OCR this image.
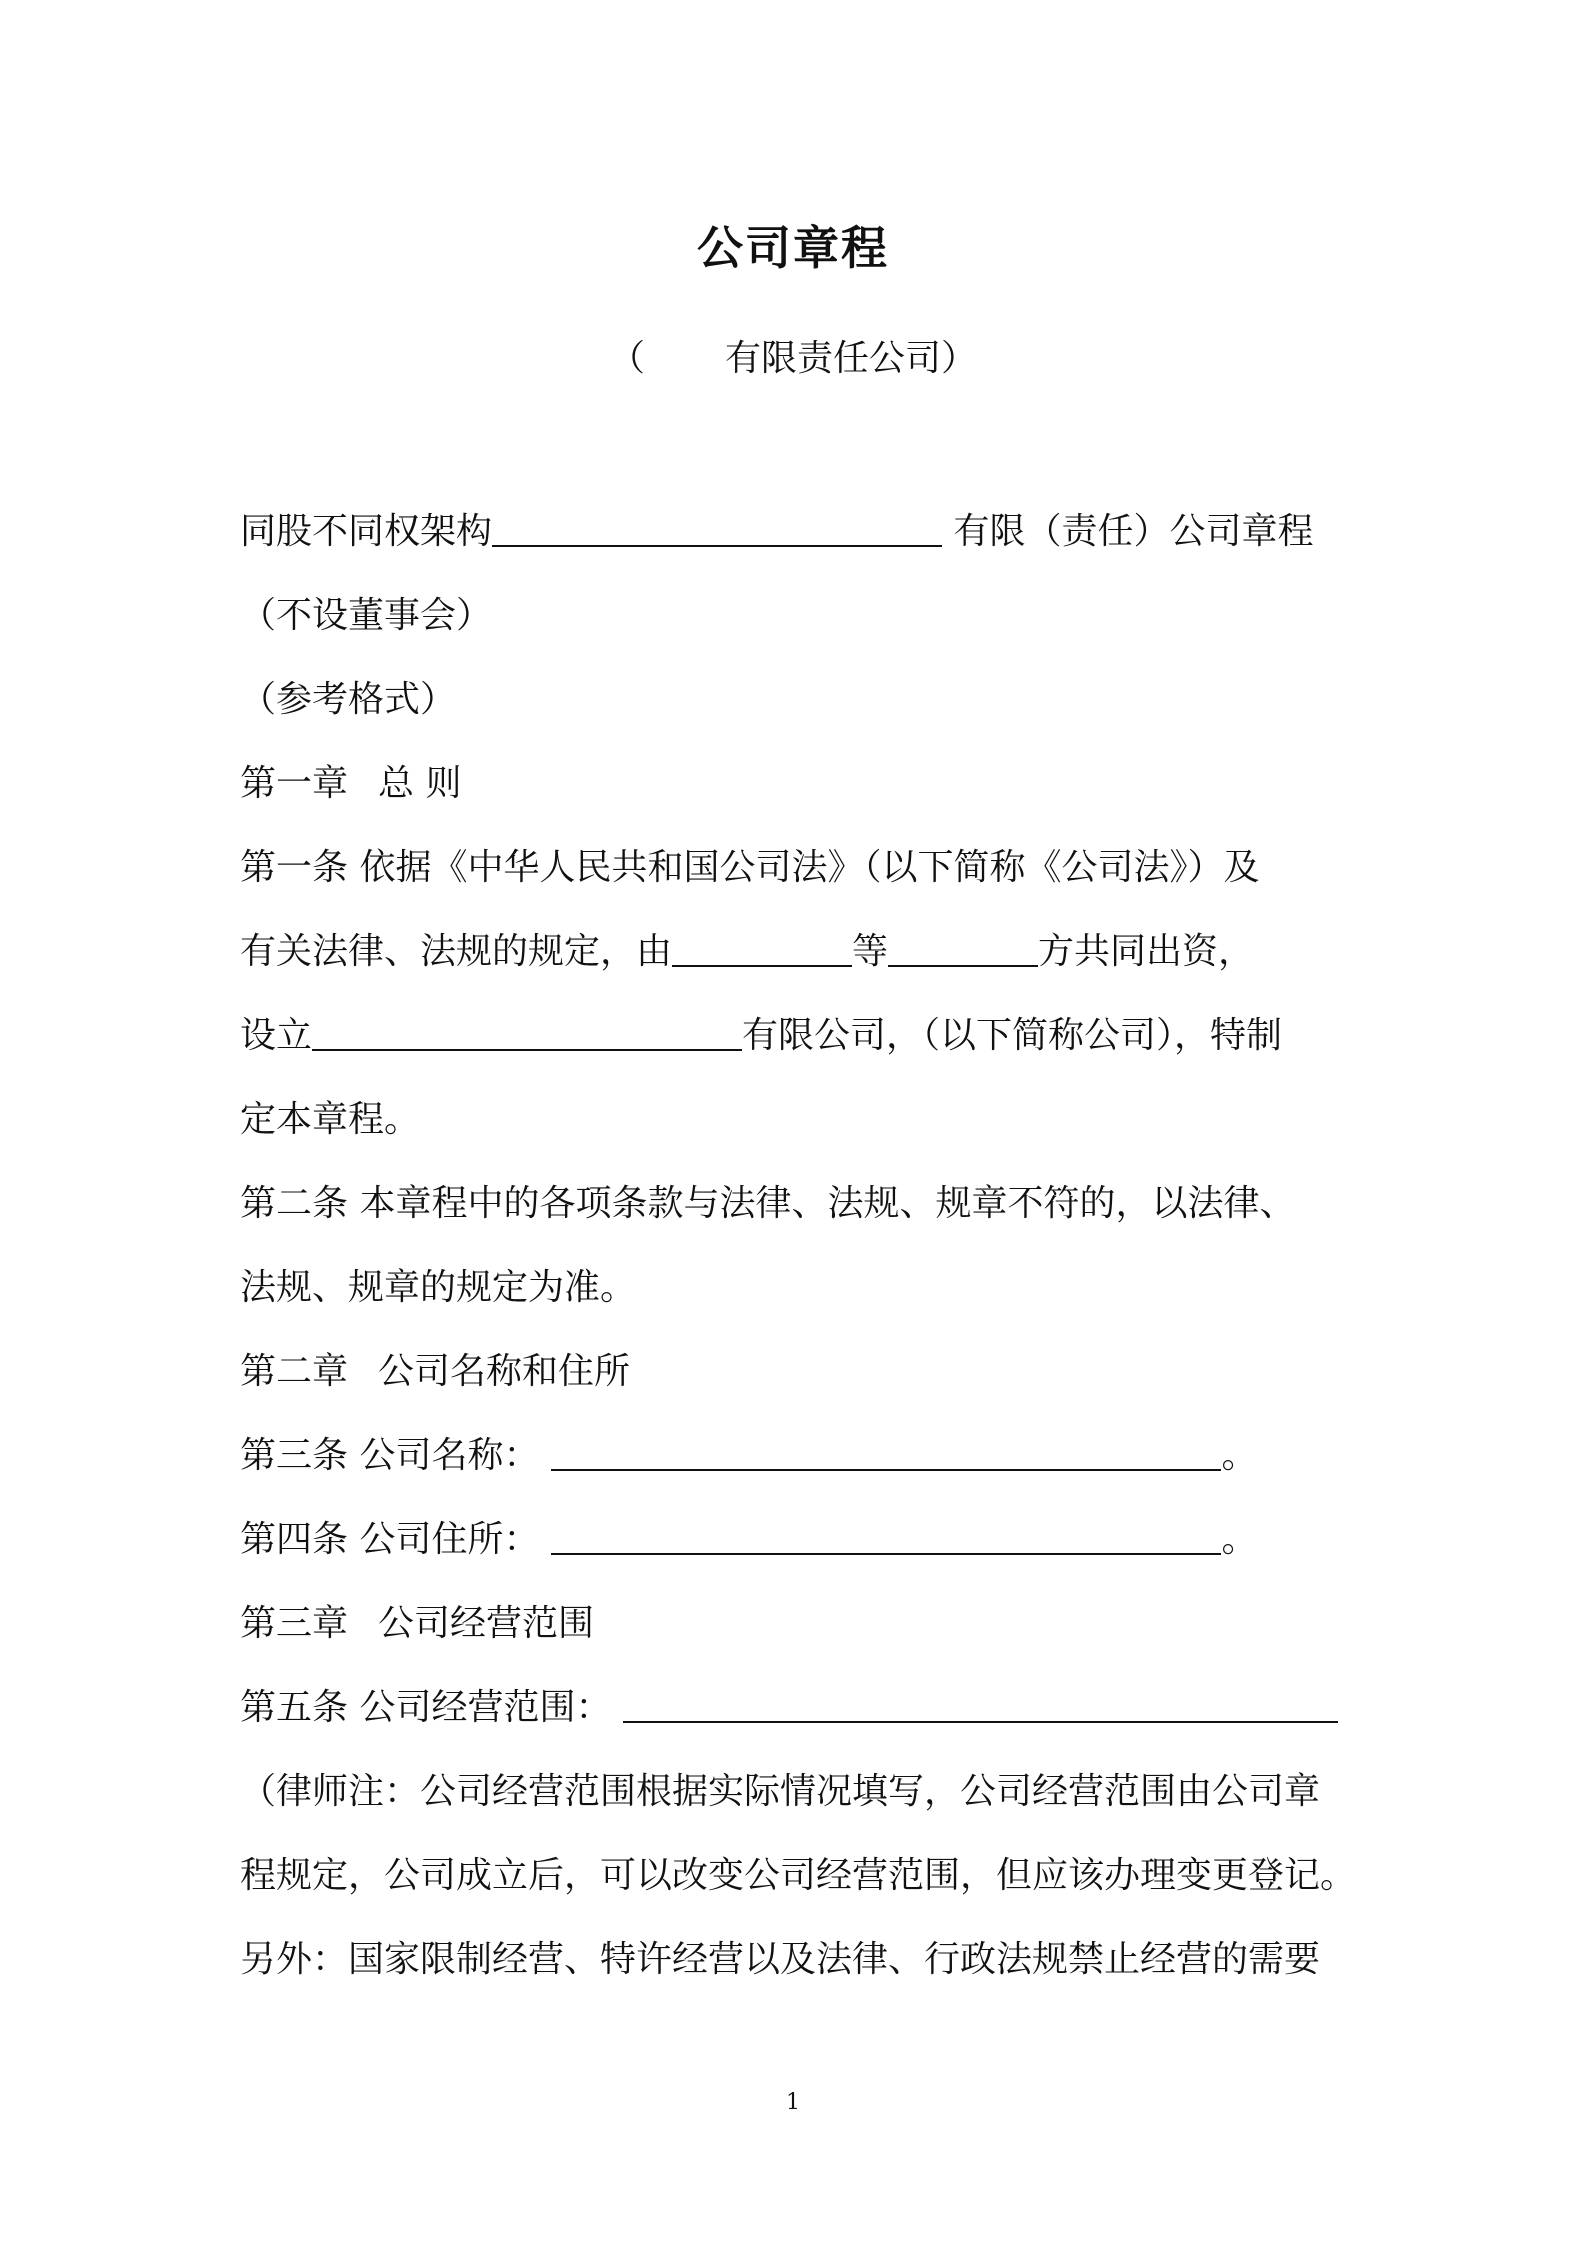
公司章程
（       有限责任公司）
同股不同权架构	有限（责任）公司章程
（不设董事会）
（参考格式）
第一章 总 则
第一条 依据《中华人民共和国公司法》（以下简称《公司法》）及
有关法律、法规的规定，由	等	方共同出资，
设立	有限公司，（以下简称公司），特制
定本章程。
第二条 本章程中的各项条款与法律、法规、规章不符的，以法律、
法规、规章的规定为准。
第二章 公司名称和住所
第三条 公司名称：	。
第四条 公司住所：	。
第三章 公司经营范围
第五条 公司经营范围：
（律师注：公司经营范围根据实际情况填写，公司经营范围由公司章
程规定，公司成立后，可以改变公司经营范围，但应该办理变更登记。
另外：国家限制经营、特许经营以及法律、行政法规禁止经营的需要
1
